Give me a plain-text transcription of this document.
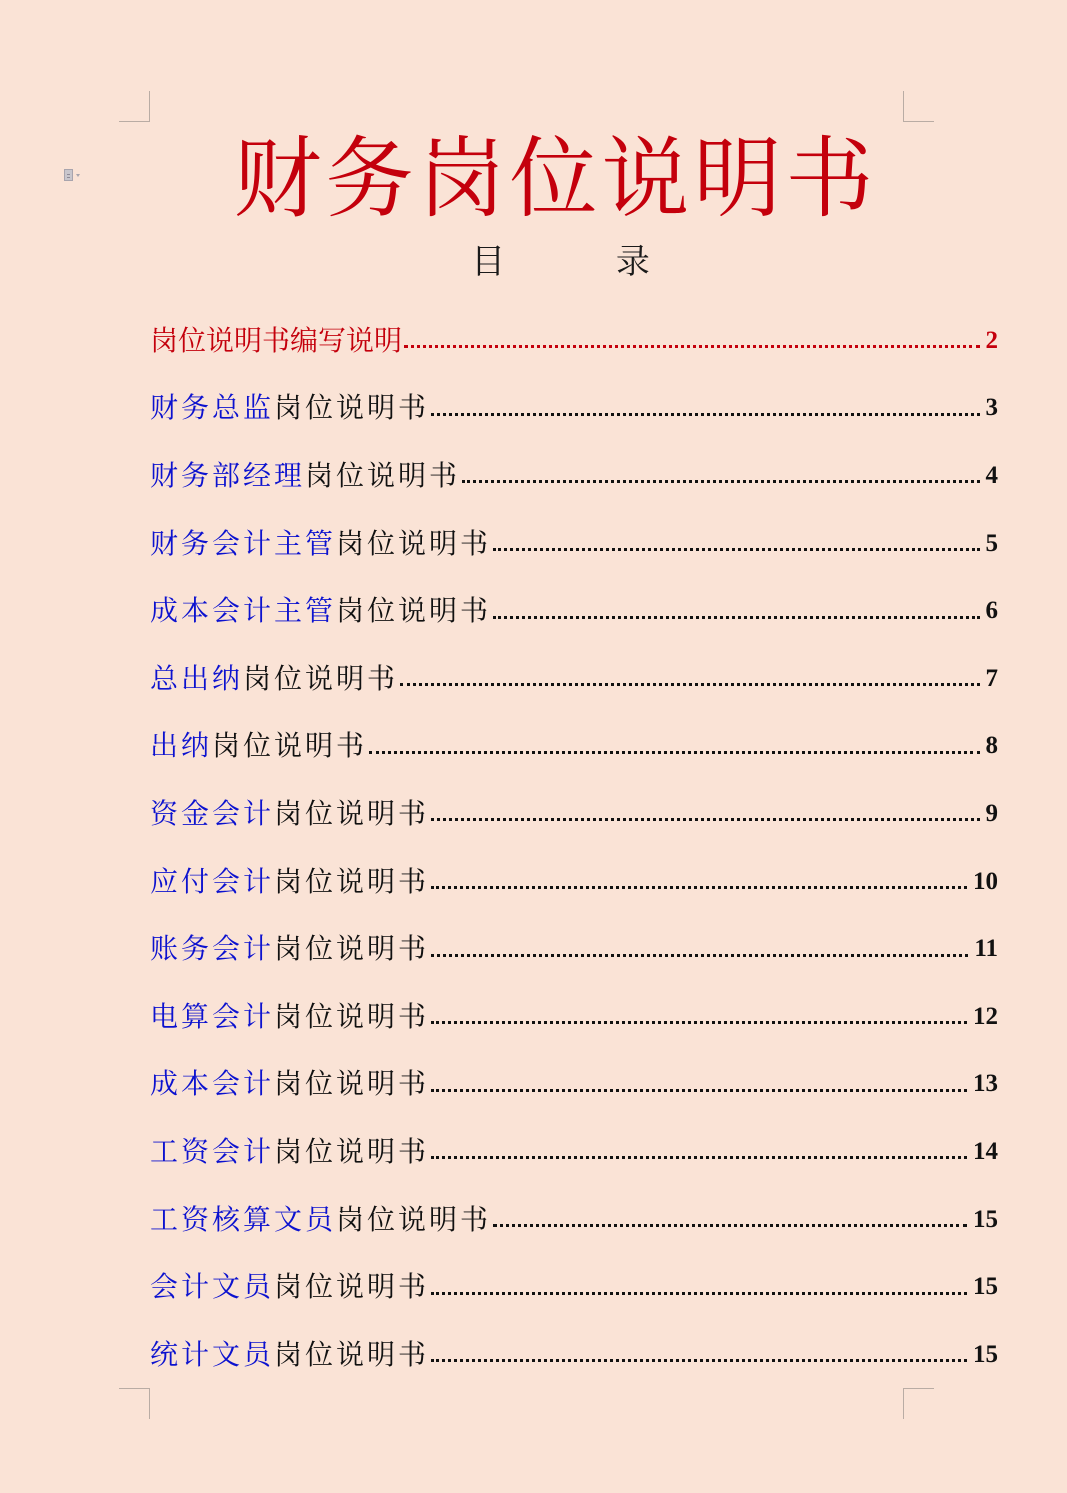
财务岗位说明书
目 录
岗位说明书编写说明	2
财务总监 岗位说明书	3
财务部经理 岗位说明书	4
财务会计主管 岗位说明书	5
成本会计主管 岗位说明书	6
总出纳 岗位说明书	7
出纳 岗位说明书	8
资金会计 岗位说明书	9
应付会计 岗位说明书	10
账务会计 岗位说明书	11
电算会计 岗位说明书	12
成本会计 岗位说明书	13
工资会计 岗位说明书	14
工资核算文员 岗位说明书	15
会计文员 岗位说明书	15
统计文员 岗位说明书	15
